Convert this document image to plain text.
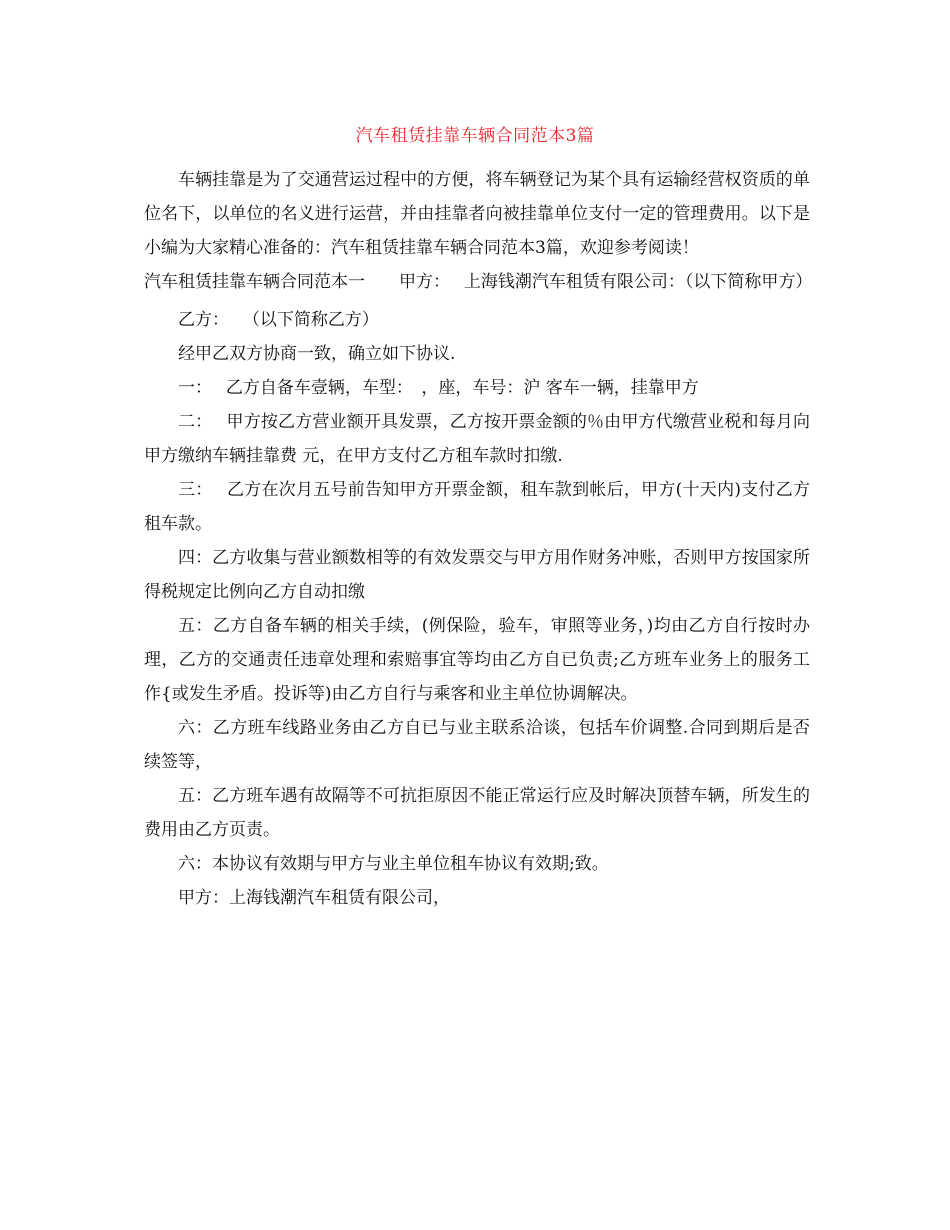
汽车租赁挂靠车辆合同范本3篇

车辆挂靠是为了交通营运过程中的方便，将车辆登记为某个具有运输经营权资质的单位名下，以单位的名义进行运营，并由挂靠者向被挂靠单位支付一定的管理费用。以下是小编为大家精心准备的：汽车租赁挂靠车辆合同范本3篇，欢迎参考阅读！

汽车租赁挂靠车辆合同范本一　　甲方：　 上海钱潮汽车租赁有限公司：（以下简称甲方）

乙方：　 （以下简称乙方）

经甲乙双方协商一致，确立如下协议.

一：　 乙方自备车壹辆，车型：　，座，车号：沪 客车一辆，挂靠甲方

二：　 甲方按乙方营业额开具发票，乙方按开票金额的％由甲方代缴营业税和每月向甲方缴纳车辆挂靠费 元，在甲方支付乙方租车款时扣缴.

三：　 乙方在次月五号前告知甲方开票金额，租车款到帐后，甲方(十天内)支付乙方租车款。

四：乙方收集与营业额数相等的有效发票交与甲方用作财务冲账，否则甲方按国家所得税规定比例向乙方自动扣缴

五：乙方自备车辆的相关手续，(例保险，验车，审照等业务，)均由乙方自行按时办理，乙方的交通责任违章处理和索赔事宜等均由乙方自已负责;乙方班车业务上的服务工作{或发生矛盾。投诉等)由乙方自行与乘客和业主单位协调解决。

六：乙方班车线路业务由乙方自已与业主联系洽谈，包括车价调整.合同到期后是否续签等，

五：乙方班车遇有故隔等不可抗拒原因不能正常运行应及时解决顶替车辆，所发生的费用由乙方页责。

六：本协议有效期与甲方与业主单位租车协议有效期;致。

甲方：上海钱潮汽车租赁有限公司，
